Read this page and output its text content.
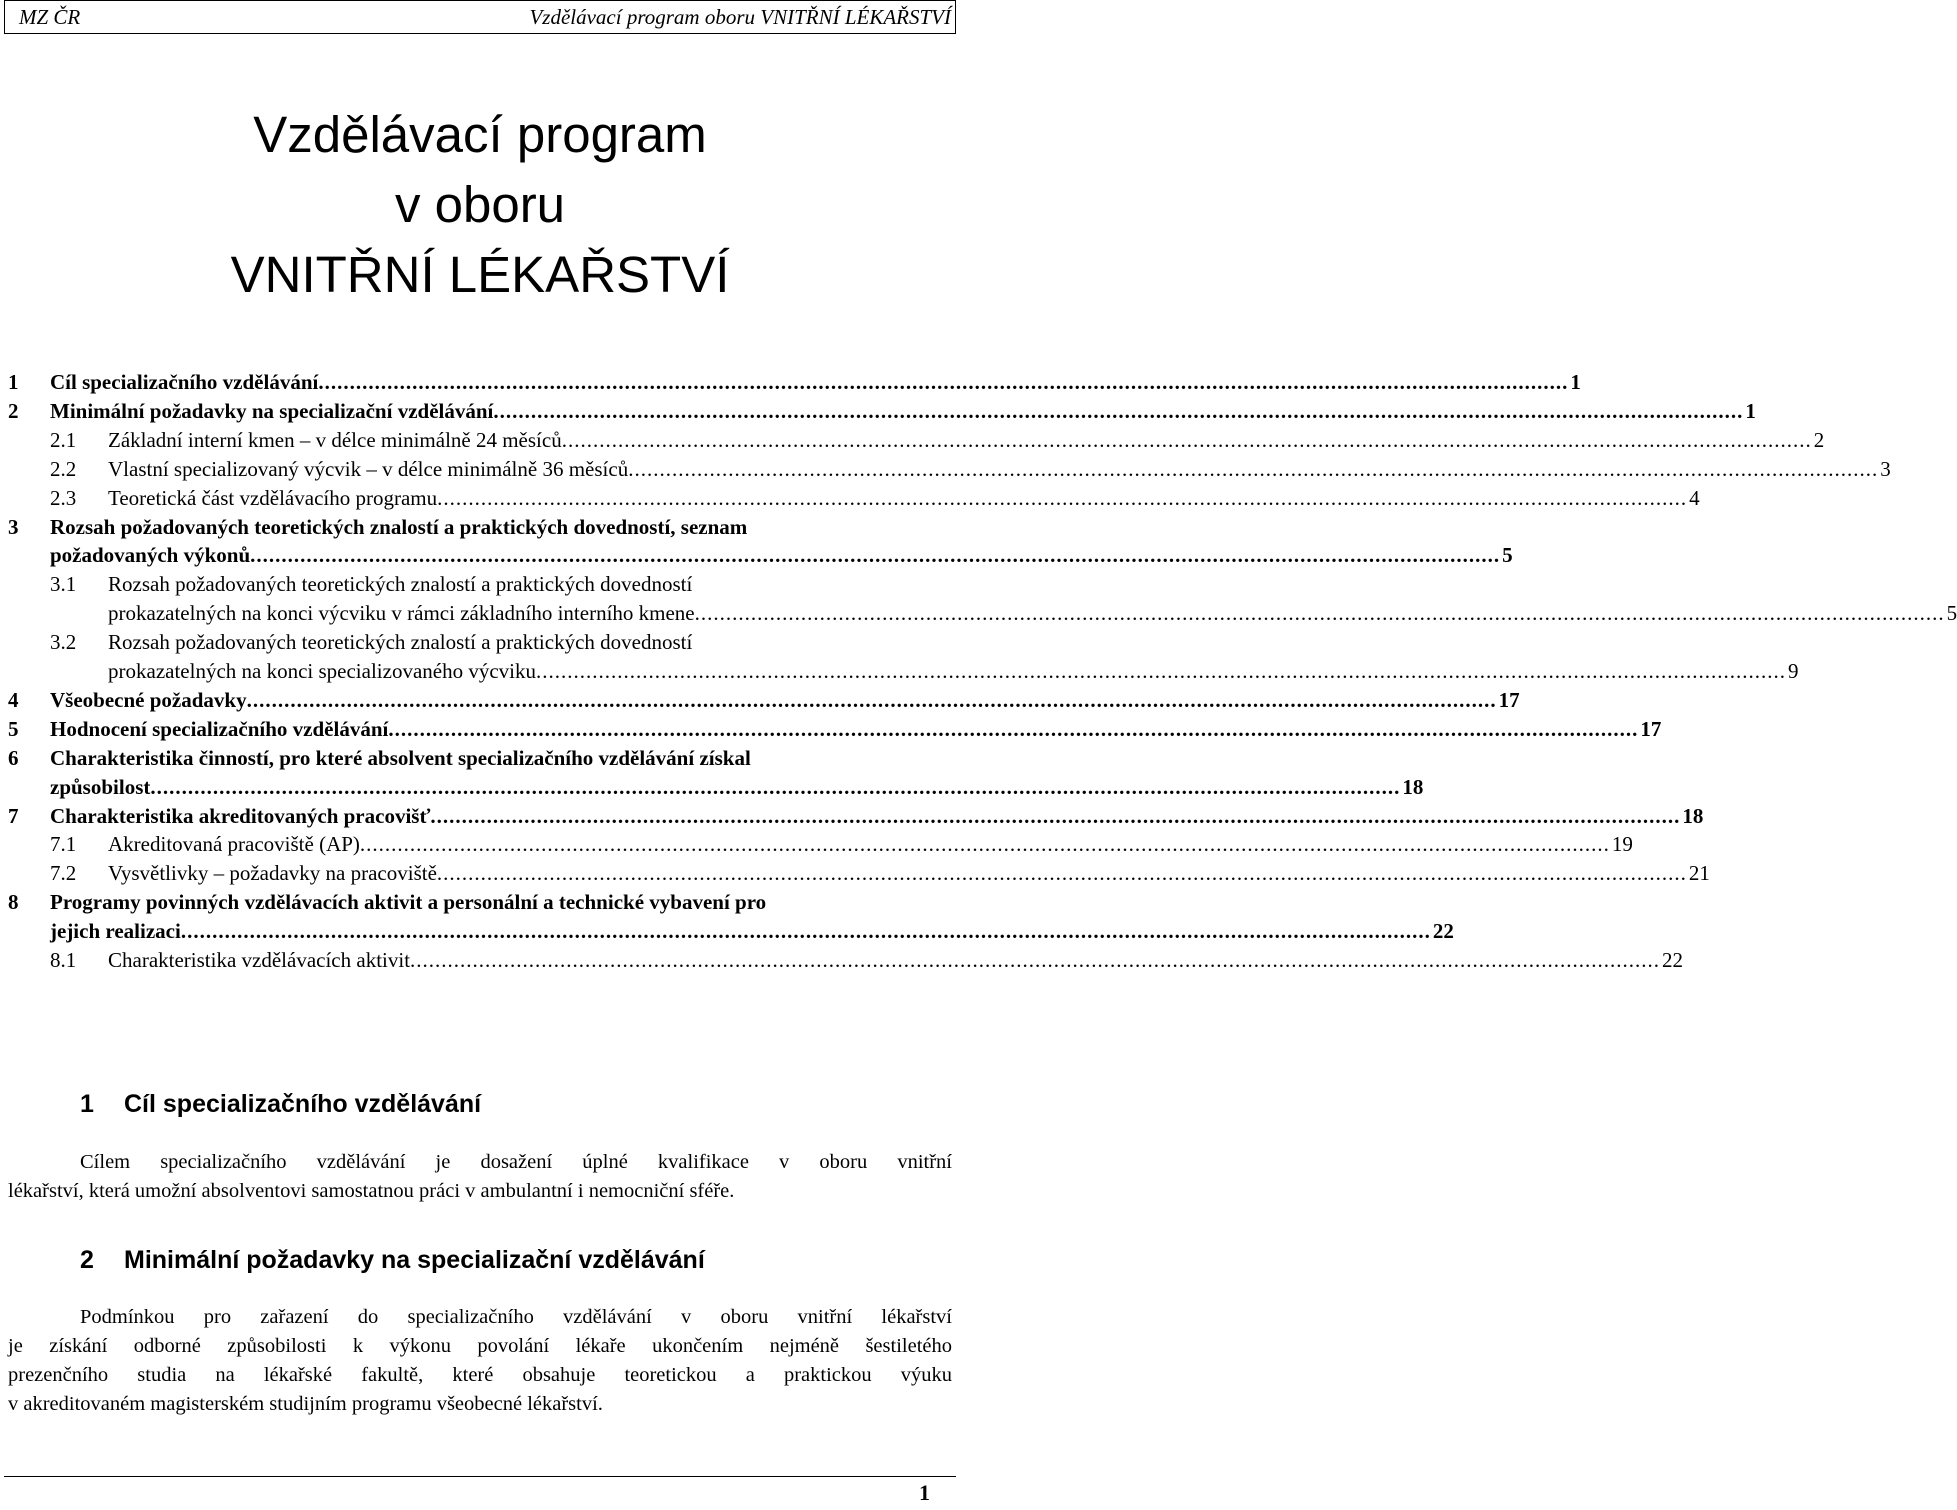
MZ ČR	Vzdělávací program oboru VNITŘNÍ LÉKAŘSTVÍ
Vzdělávací program
v oboru
VNITŘNÍ LÉKAŘSTVÍ
1	Cíl specializačního vzdělávání ........................................................................................................................................................................................................ 1
2	Minimální požadavky na specializační vzdělávání ........................................................................................................................................................................................................ 1
2.1	Základní interní kmen – v délce minimálně 24 měsíců ........................................................................................................................................................................................................ 2
2.2	Vlastní specializovaný výcvik – v délce minimálně 36 měsíců ........................................................................................................................................................................................................ 3
2.3	Teoretická část vzdělávacího programu ........................................................................................................................................................................................................ 4
3 Rozsah požadovaných teoretických znalostí a praktických dovedností, seznam
požadovaných výkonů ........................................................................................................................................................................................................ 5
3.1 Rozsah požadovaných teoretických znalostí a praktických dovedností
prokazatelných na konci výcviku v rámci základního interního kmene ........................................................................................................................................................................................................ 5
3.2 Rozsah požadovaných teoretických znalostí a praktických dovedností
prokazatelných na konci specializovaného výcviku ........................................................................................................................................................................................................ 9
4	Všeobecné požadavky ........................................................................................................................................................................................................ 17
5	Hodnocení specializačního vzdělávání ........................................................................................................................................................................................................ 17
6 Charakteristika činností, pro které absolvent specializačního vzdělávání získal
způsobilost ........................................................................................................................................................................................................ 18
7	Charakteristika akreditovaných pracovišť ........................................................................................................................................................................................................ 18
7.1	Akreditovaná pracoviště (AP) ........................................................................................................................................................................................................ 19
7.2	Vysvětlivky – požadavky na pracoviště ........................................................................................................................................................................................................ 21
8 Programy povinných vzdělávacích aktivit a personální a technické vybavení pro
jejich realizaci ........................................................................................................................................................................................................ 22
8.1	Charakteristika vzdělávacích aktivit ........................................................................................................................................................................................................ 22
1 Cíl specializačního vzdělávání
Cílem specializačního vzdělávání je dosažení úplné kvalifikace v oboru vnitřní
lékařství, která umožní absolventovi samostatnou práci v ambulantní i nemocniční sféře.
2 Minimální požadavky na specializační vzdělávání
Podmínkou pro zařazení do specializačního vzdělávání v oboru vnitřní lékařství
je získání odborné způsobilosti k výkonu povolání lékaře ukončením nejméně šestiletého
prezenčního studia na lékařské fakultě, které obsahuje teoretickou a praktickou výuku
v akreditovaném magisterském studijním programu všeobecné lékařství.
1
